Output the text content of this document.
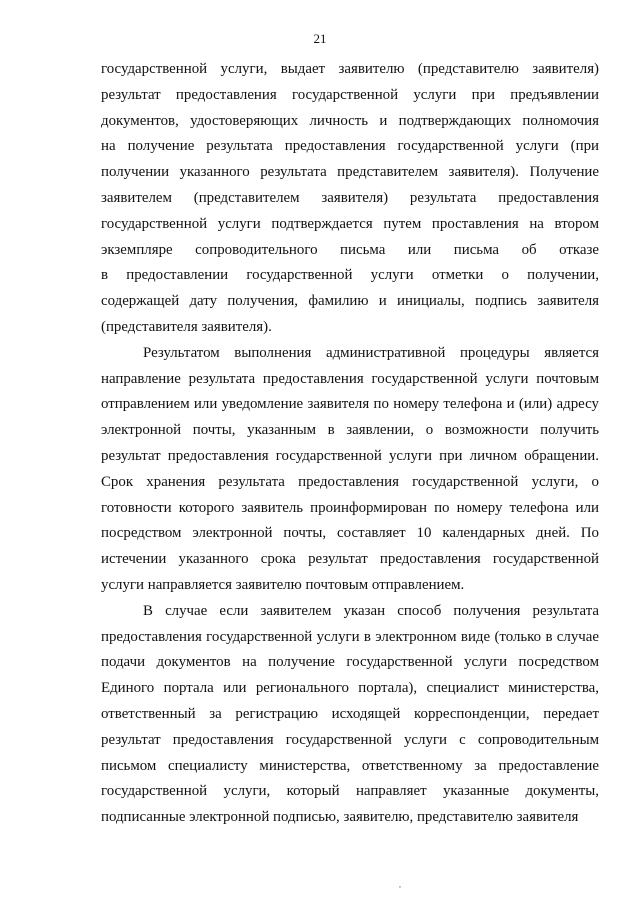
21
государственной услуги, выдает заявителю (представителю заявителя)
результат предоставления государственной услуги при предъявлении
документов, удостоверяющих личность и подтверждающих полномочия
на получение результата предоставления государственной услуги (при
получении указанного результата представителем заявителя). Получение
заявителем (представителем заявителя) результата предоставления
государственной услуги подтверждается путем проставления на втором
экземпляре сопроводительного письма или письма об отказе
в предоставлении государственной услуги отметки о получении,
содержащей дату получения, фамилию и инициалы, подпись заявителя
(представителя заявителя).
Результатом выполнения административной процедуры является
направление результата предоставления государственной услуги почтовым
отправлением или уведомление заявителя по номеру телефона и (или) адресу
электронной почты, указанным в заявлении, о возможности получить
результат предоставления государственной услуги при личном обращении.
Срок хранения результата предоставления государственной услуги, о
готовности которого заявитель проинформирован по номеру телефона или
посредством электронной почты, составляет 10 календарных дней. По
истечении указанного срока результат предоставления государственной
услуги направляется заявителю почтовым отправлением.
В случае если заявителем указан способ получения результата
предоставления государственной услуги в электронном виде (только в случае
подачи документов на получение государственной услуги посредством
Единого портала или регионального портала), специалист министерства,
ответственный за регистрацию исходящей корреспонденции, передает
результат предоставления государственной услуги с сопроводительным
письмом специалисту министерства, ответственному за предоставление
государственной услуги, который направляет указанные документы,
подписанные электронной подписью, заявителю, представителю заявителя
,
